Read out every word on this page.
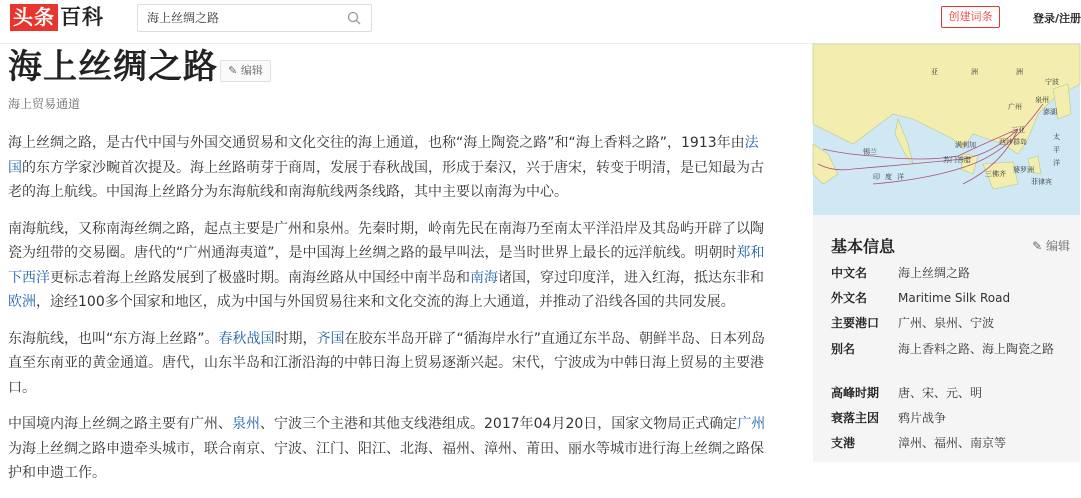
头条 百科	海上丝绸之路	创建词条	登录/注册
海上丝绸之路 ✎ 编辑
海上贸易通道

海上丝绸之路，是古代中国与外国交通贸易和文化交往的海上通道，也称“海上陶瓷之路”和“海上香料之路”，1913年由法国的东方学家沙畹首次提及。海上丝路萌芽于商周，发展于春秋战国，形成于秦汉，兴于唐宋，转变于明清，是已知最为古老的海上航线。中国海上丝路分为东海航线和南海航线两条线路，其中主要以南海为中心。

南海航线，又称南海丝绸之路，起点主要是广州和泉州。先秦时期，岭南先民在南海乃至南太平洋沿岸及其岛屿开辟了以陶瓷为纽带的交易圈。唐代的“广州通海夷道”，是中国海上丝绸之路的最早叫法，是当时世界上最长的远洋航线。明朝时郑和下西洋更标志着海上丝路发展到了极盛时期。南海丝路从中国经中南半岛和南海诸国，穿过印度洋，进入红海，抵达东非和欧洲，途经100多个国家和地区，成为中国与外国贸易往来和文化交流的海上大通道，并推动了沿线各国的共同发展。

东海航线，也叫“东方海上丝路”。春秋战国时期，齐国在胶东半岛开辟了“循海岸水行”直通辽东半岛、朝鲜半岛、日本列岛直至东南亚的黄金通道。唐代，山东半岛和江浙沿海的中韩日海上贸易逐渐兴起。宋代，宁波成为中韩日海上贸易的主要港口。

中国境内海上丝绸之路主要有广州、泉州、宁波三个主港和其他支线港组成。2017年04月20日，国家文物局正式确定广州为海上丝绸之路申遗牵头城市，联合南京、宁波、江门、阳江、北海、福州、漳州、莆田、丽水等城市进行海上丝绸之路保护和申遗工作。

亚	洲	洲
广州
三亚
印 度 洋
太
平
洋
西沙群岛
泉州
宁波
澎湖
满剌加
苏门答腊
锡兰
三佛齐
婆罗洲
菲律宾
基本信息	✎ 编辑
中文名	海上丝绸之路
外文名	Maritime Silk Road
主要港口	广州、泉州、宁波
别名	海上香料之路、海上陶瓷之路
高峰时期	唐、宋、元、明
衰落主因	鸦片战争
支港	漳州、福州、南京等
